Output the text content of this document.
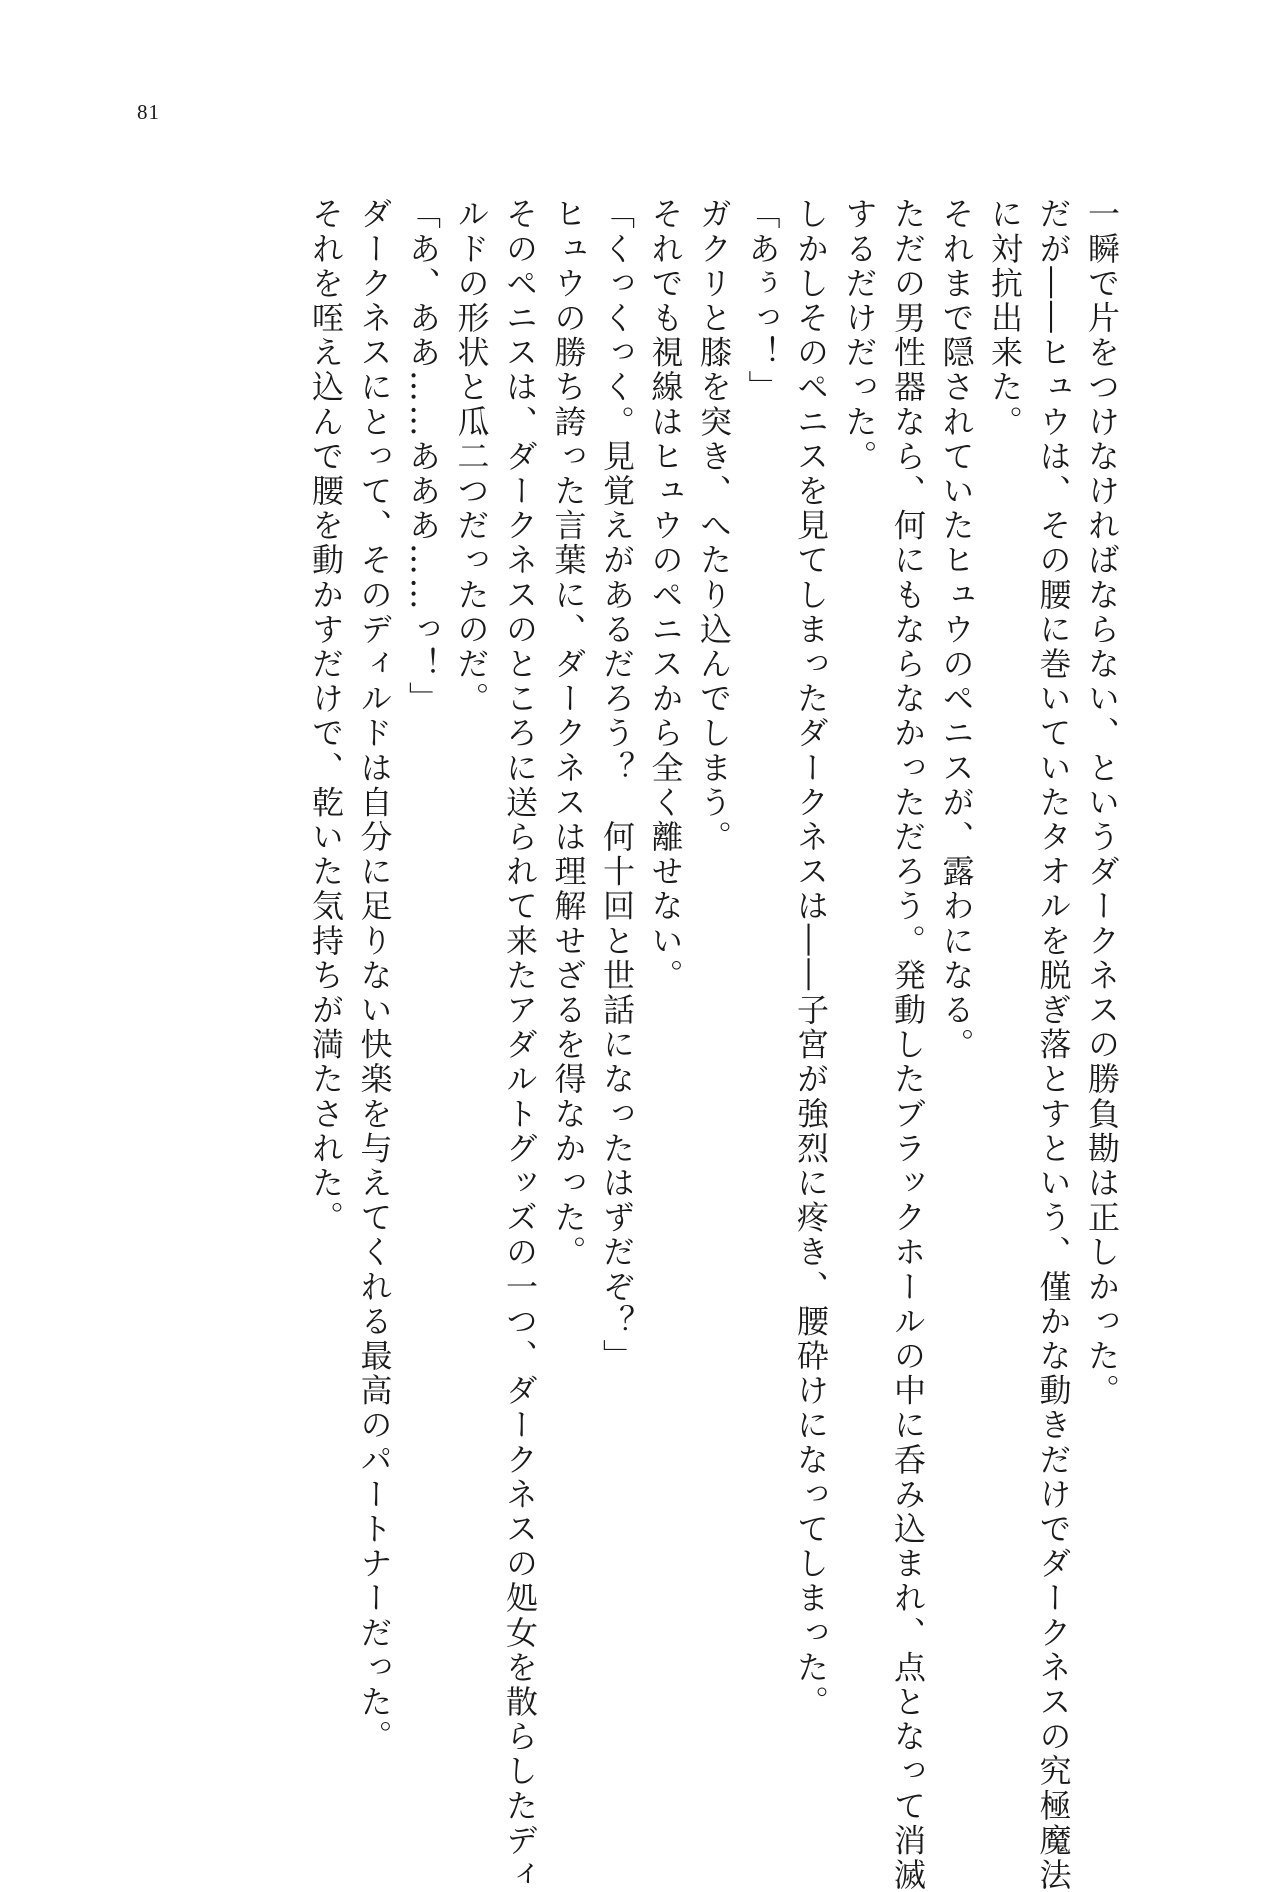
81
一瞬で片をつけなければならない、というダークネスの勝負勘は正しかった。
だが――ヒュウは、その腰に巻いていたタオルを脱ぎ落とすという、僅かな動きだけでダークネスの究極魔法
に対抗出来た。
それまで隠されていたヒュウのペニスが、露わになる。
ただの男性器なら、何にもならなかっただろう。発動したブラックホールの中に呑み込まれ、点となって消滅
するだけだった。
しかしそのペニスを見てしまったダークネスは――子宮が強烈に疼き、腰砕けになってしまった。
「あぅっ！」
ガクリと膝を突き、へたり込んでしまう。
それでも視線はヒュウのペニスから全く離せない。
「くっくっく。見覚えがあるだろう？　何十回と世話になったはずだぞ？」
ヒュウの勝ち誇った言葉に、ダークネスは理解せざるを得なかった。
そのペニスは、ダークネスのところに送られて来たアダルトグッズの一つ、ダークネスの処女を散らしたディ
ルドの形状と瓜二つだったのだ。
「あ、ああ……あああ……っ！」
ダークネスにとって、そのディルドは自分に足りない快楽を与えてくれる最高のパートナーだった。
それを咥え込んで腰を動かすだけで、乾いた気持ちが満たされた。
